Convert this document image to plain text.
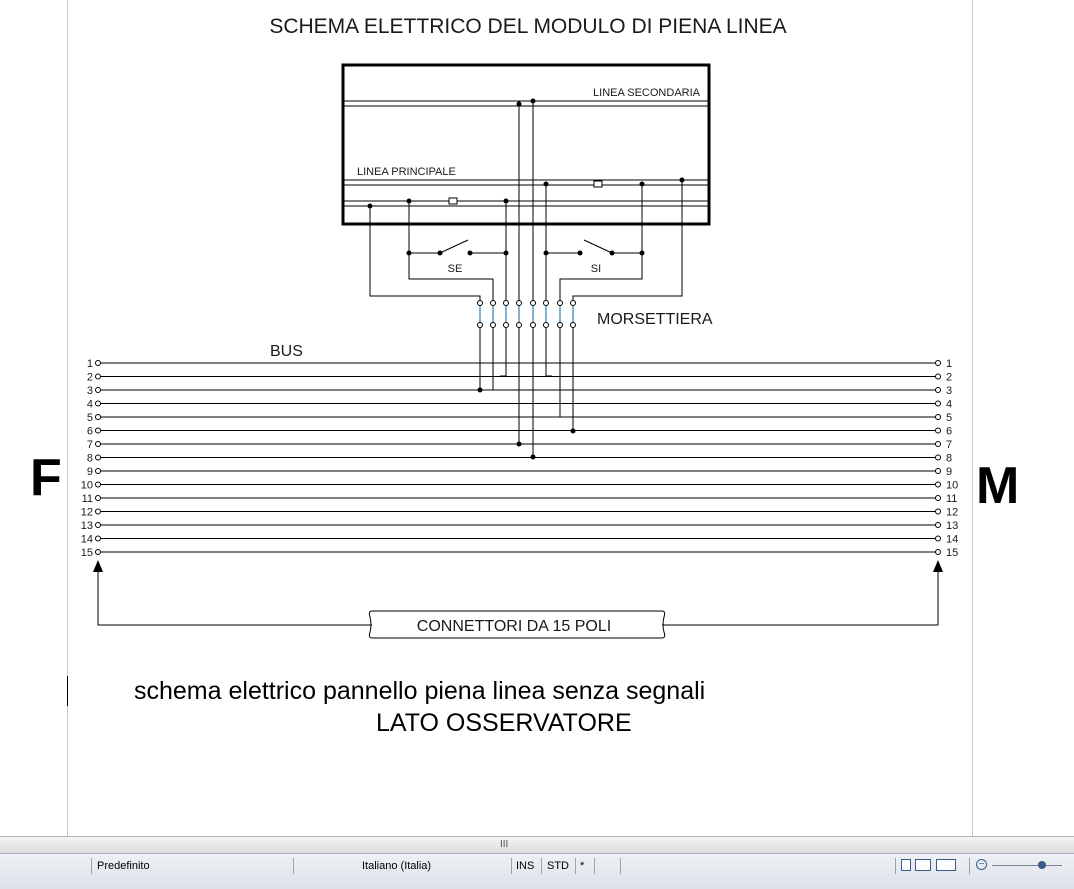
SCHEMA ELETTRICO DEL MODULO DI PIENA LINEA
LINEA SECONDARIA
LINEA PRINCIPALE
SE	SI
MORSETTIERA
BUS
1	1
2	2
3	3
4	4
5	5
6	6
7	7
8	8
9	9
10	10
11	11
12	12
13	13
14	14
15	15
CONNETTORI DA 15 POLI
F	M
schema elettrico pannello piena linea senza segnali
LATO OSSERVATORE
III
Predefinito	Italiano (Italia)	INS STD *	−
